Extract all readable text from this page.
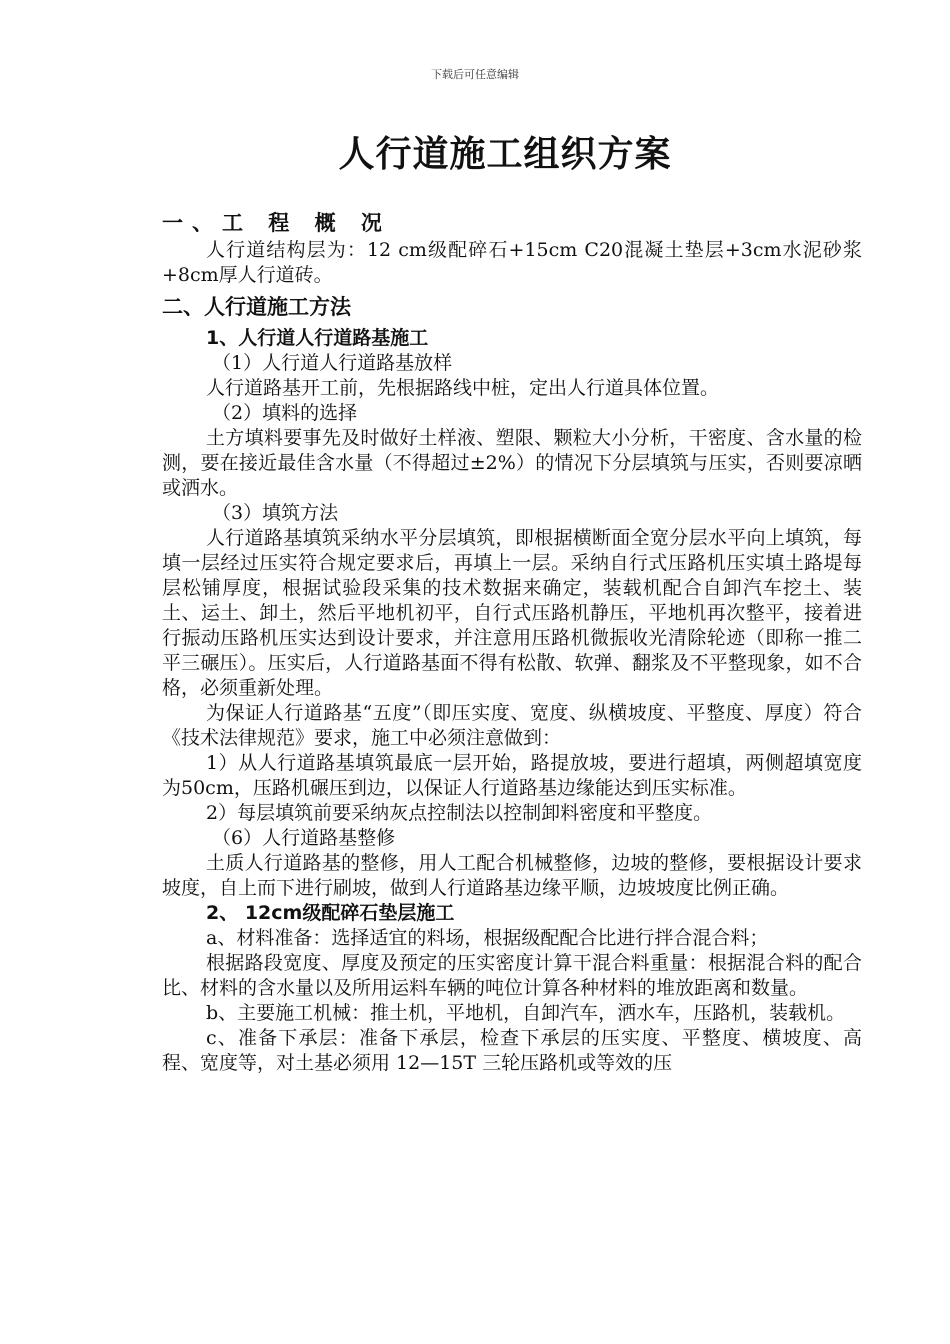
下载后可任意编辑
人行道施工组织方案
一、工 程 概 况

人行道结构层为：12 cm级配碎石+15cm C20混凝土垫层+3cm水泥砂浆+8cm厚人行道砖。

二、人行道施工方法
1、人行道人行道路基施工

（1）人行道人行道路基放样

人行道路基开工前，先根据路线中桩，定出人行道具体位置。

（2）填料的选择

土方填料要事先及时做好土样液、塑限、颗粒大小分析，干密度、含水量的检测，要在接近最佳含水量（不得超过±2%）的情况下分层填筑与压实，否则要凉晒或洒水。

（3）填筑方法

人行道路基填筑采纳水平分层填筑，即根据横断面全宽分层水平向上填筑，每填一层经过压实符合规定要求后，再填上一层。采纳自行式压路机压实填土路堤每层松铺厚度，根据试验段采集的技术数据来确定，装载机配合自卸汽车挖土、装土、运土、卸土，然后平地机初平，自行式压路机静压，平地机再次整平，接着进行振动压路机压实达到设计要求，并注意用压路机微振收光清除轮迹（即称一推二平三碾压）。压实后，人行道路基面不得有松散、软弹、翻浆及不平整现象，如不合格，必须重新处理。

为保证人行道路基“五度”（即压实度、宽度、纵横坡度、平整度、厚度）符合《技术法律规范》要求，施工中必须注意做到：

1）从人行道路基填筑最底一层开始，路提放坡，要进行超填，两侧超填宽度为50cm，压路机碾压到边，以保证人行道路基边缘能达到压实标准。

2）每层填筑前要采纳灰点控制法以控制卸料密度和平整度。

（6）人行道路基整修

土质人行道路基的整修，用人工配合机械整修，边坡的整修，要根据设计要求坡度，自上而下进行刷坡，做到人行道路基边缘平顺，边坡坡度比例正确。

2、 12cm级配碎石垫层施工

a、材料准备：选择适宜的料场，根据级配配合比进行拌合混合料；

根据路段宽度、厚度及预定的压实密度计算干混合料重量：根据混合料的配合比、材料的含水量以及所用运料车辆的吨位计算各种材料的堆放距离和数量。

b、主要施工机械：推土机，平地机，自卸汽车，洒水车，压路机，装载机。

c、准备下承层：准备下承层，检查下承层的压实度、平整度、横坡度、高程、宽度等，对土基必须用 12—15T 三轮压路机或等效的压
